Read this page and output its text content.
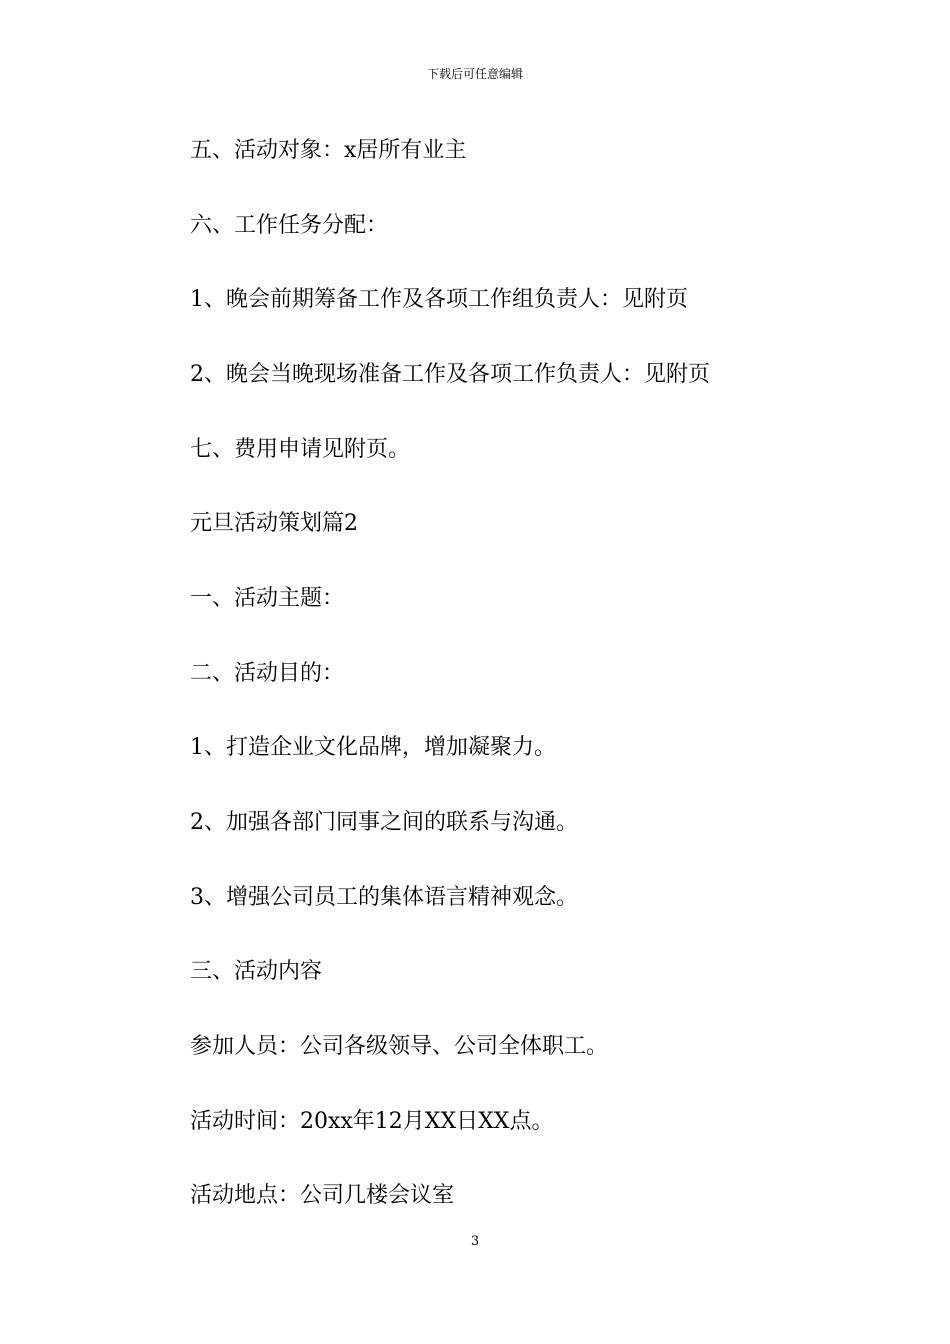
下载后可任意编辑
五、活动对象：x居所有业主
六、工作任务分配：
1、晚会前期筹备工作及各项工作组负责人：见附页
2、晚会当晚现场准备工作及各项工作负责人：见附页
七、费用申请见附页。
元旦活动策划篇2
一、活动主题：
二、活动目的：
1、打造企业文化品牌，增加凝聚力。
2、加强各部门同事之间的联系与沟通。
3、增强公司员工的集体语言精神观念。
三、活动内容
参加人员：公司各级领导、公司全体职工。
活动时间：20xx年12月XX日XX点。
活动地点：公司几楼会议室
3
